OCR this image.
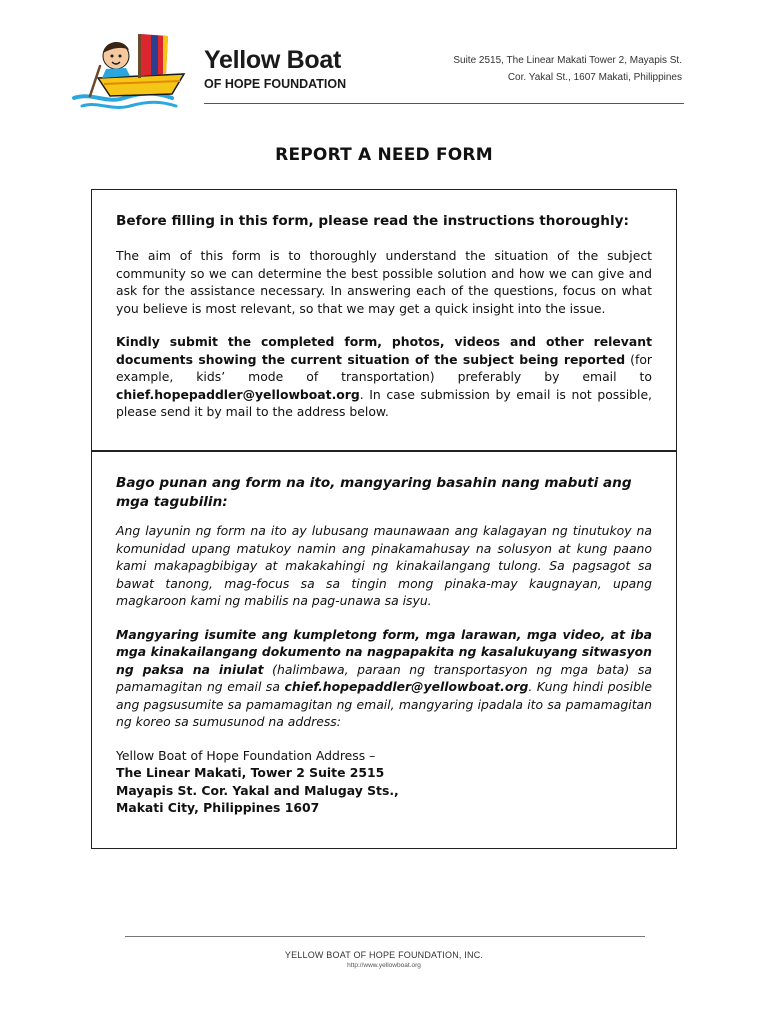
Yellow Boat
OF HOPE FOUNDATION
Suite 2515, The Linear Makati Tower 2, Mayapis St.
Cor. Yakal St., 1607 Makati, Philippines
REPORT A NEED FORM

Before filling in this form, please read the instructions thoroughly:

The aim of this form is to thoroughly understand the situation of the subject community so we can determine the best possible solution and how we can give and ask for the assistance necessary. In answering each of the questions, focus on what you believe is most relevant, so that we may get a quick insight into the issue.

Kindly submit the completed form, photos, videos and other relevant documents showing the current situation of the subject being reported (for example, kids’ mode of transportation) preferably by email to chief.hopepaddler@yellowboat.org. In case submission by email is not possible, please send it by mail to the address below.

Bago punan ang form na ito, mangyaring basahin nang mabuti ang mga tagubilin:

Ang layunin ng form na ito ay lubusang maunawaan ang kalagayan ng tinutukoy na komunidad upang matukoy namin ang pinakamahusay na solusyon at kung paano kami makapagbibigay at makakahingi ng kinakailangang tulong. Sa pagsagot sa bawat tanong, mag-focus sa sa tingin mong pinaka-may kaugnayan, upang magkaroon kami ng mabilis na pag-unawa sa isyu.

Mangyaring isumite ang kumpletong form, mga larawan, mga video, at iba mga kinakailangang dokumento na nagpapakita ng kasalukuyang sitwasyon ng paksa na iniulat (halimbawa, paraan ng transportasyon ng mga bata) sa pamamagitan ng email sa chief.hopepaddler@yellowboat.org. Kung hindi posible ang pagsusumite sa pamamagitan ng email, mangyaring ipadala ito sa pamamagitan ng koreo sa sumusunod na address:

Yellow Boat of Hope Foundation Address –
The Linear Makati, Tower 2 Suite 2515
Mayapis St. Cor. Yakal and Malugay Sts.,
Makati City, Philippines 1607

YELLOW BOAT OF HOPE FOUNDATION, INC.
http://www.yellowboat.org
